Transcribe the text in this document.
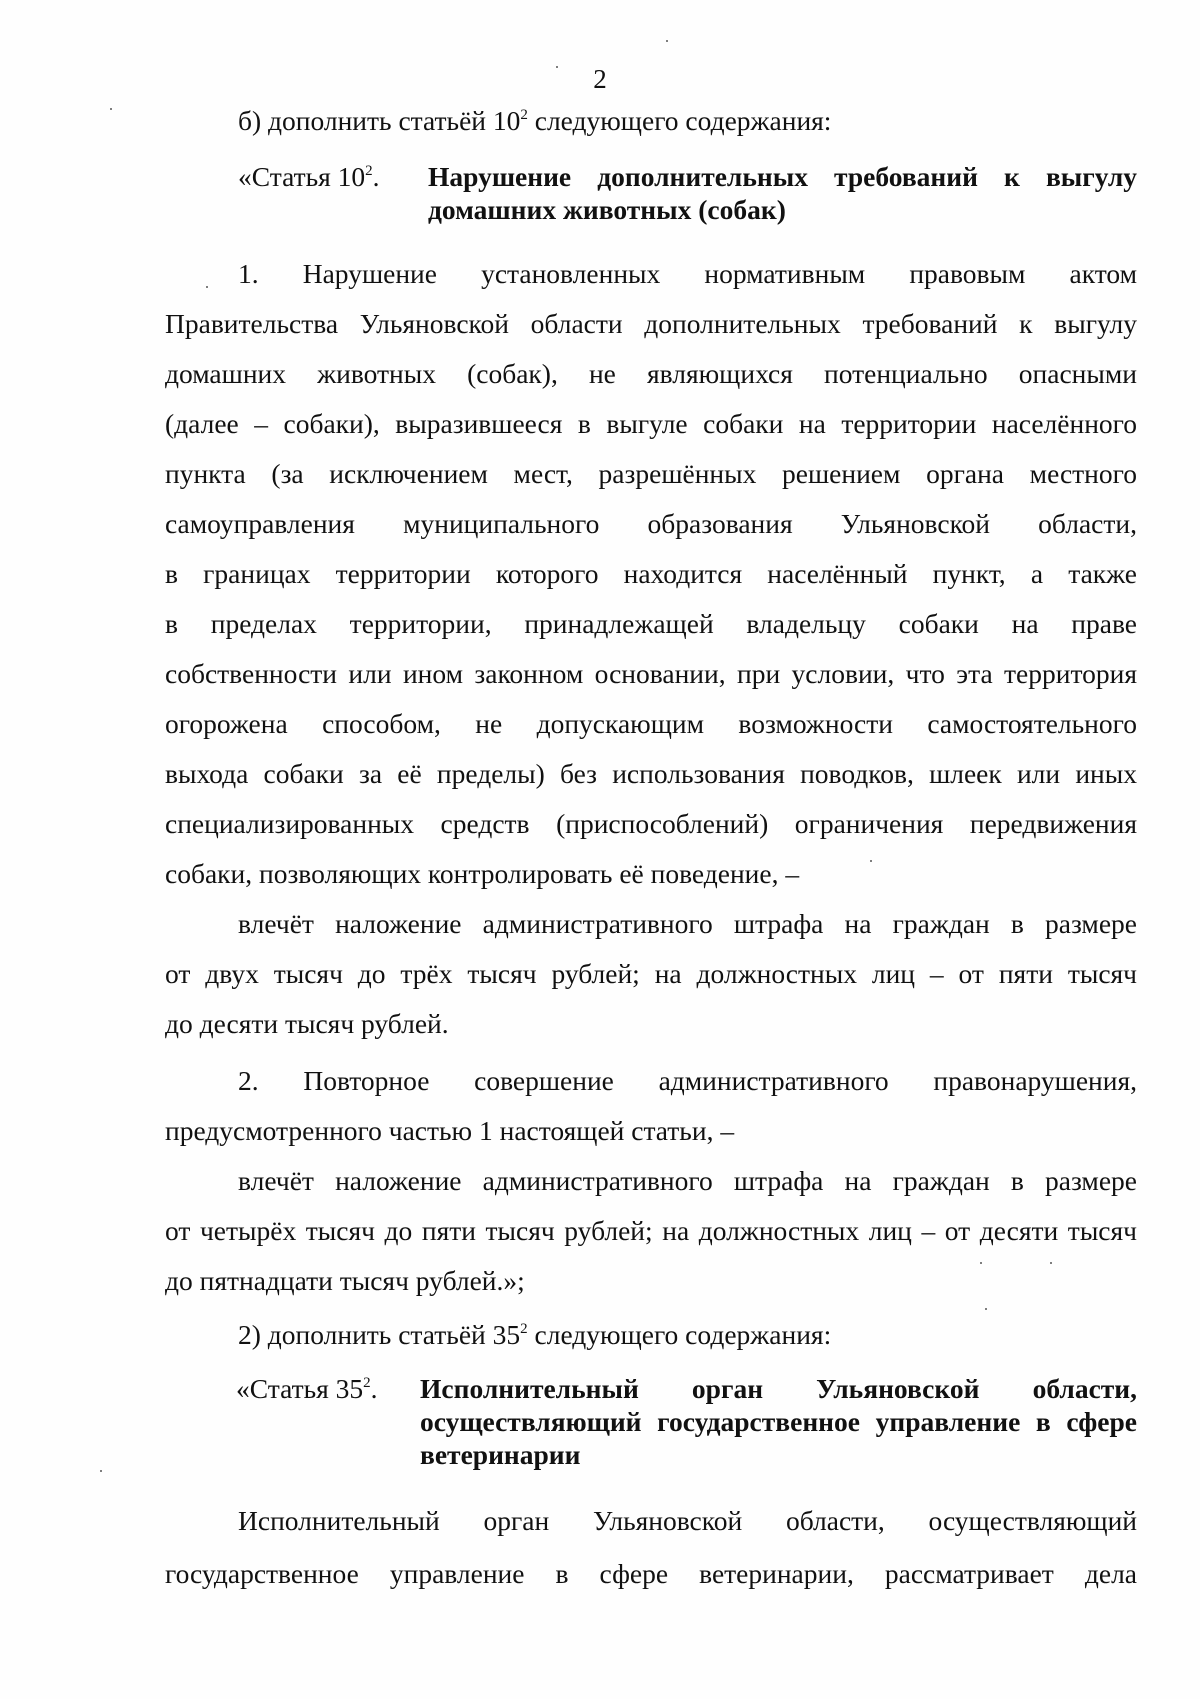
2
б) дополнить статьёй $10^2$ следующего содержания:
«Статья $10^2$. Нарушение дополнительных требований к выгулу
домашних животных (собак)
1. Нарушение установленных нормативным правовым актом
Правительства Ульяновской области дополнительных требований к выгулу
домашних животных (собак), не являющихся потенциально опасными
(далее – собаки), выразившееся в выгуле собаки на территории населённого
пункта (за исключением мест, разрешённых решением органа местного
самоуправления муниципального образования Ульяновской области,
в границах территории которого находится населённый пункт, а также
в пределах территории, принадлежащей владельцу собаки на праве
собственности или ином законном основании, при условии, что эта территория
огорожена способом, не допускающим возможности самостоятельного
выхода собаки за её пределы) без использования поводков, шлеек или иных
специализированных средств (приспособлений) ограничения передвижения
собаки, позволяющих контролировать её поведение, –
влечёт наложение административного штрафа на граждан в размере
от двух тысяч до трёх тысяч рублей; на должностных лиц – от пяти тысяч
до десяти тысяч рублей.
2. Повторное совершение административного правонарушения,
предусмотренного частью 1 настоящей статьи, –
влечёт наложение административного штрафа на граждан в размере
от четырёх тысяч до пяти тысяч рублей; на должностных лиц – от десяти тысяч
до пятнадцати тысяч рублей.»;
2) дополнить статьёй $35^2$ следующего содержания:
«Статья $35^2$. Исполнительный орган Ульяновской области,
осуществляющий государственное управление в сфере
ветеринарии
Исполнительный орган Ульяновской области, осуществляющий
государственное управление в сфере ветеринарии, рассматривает дела
